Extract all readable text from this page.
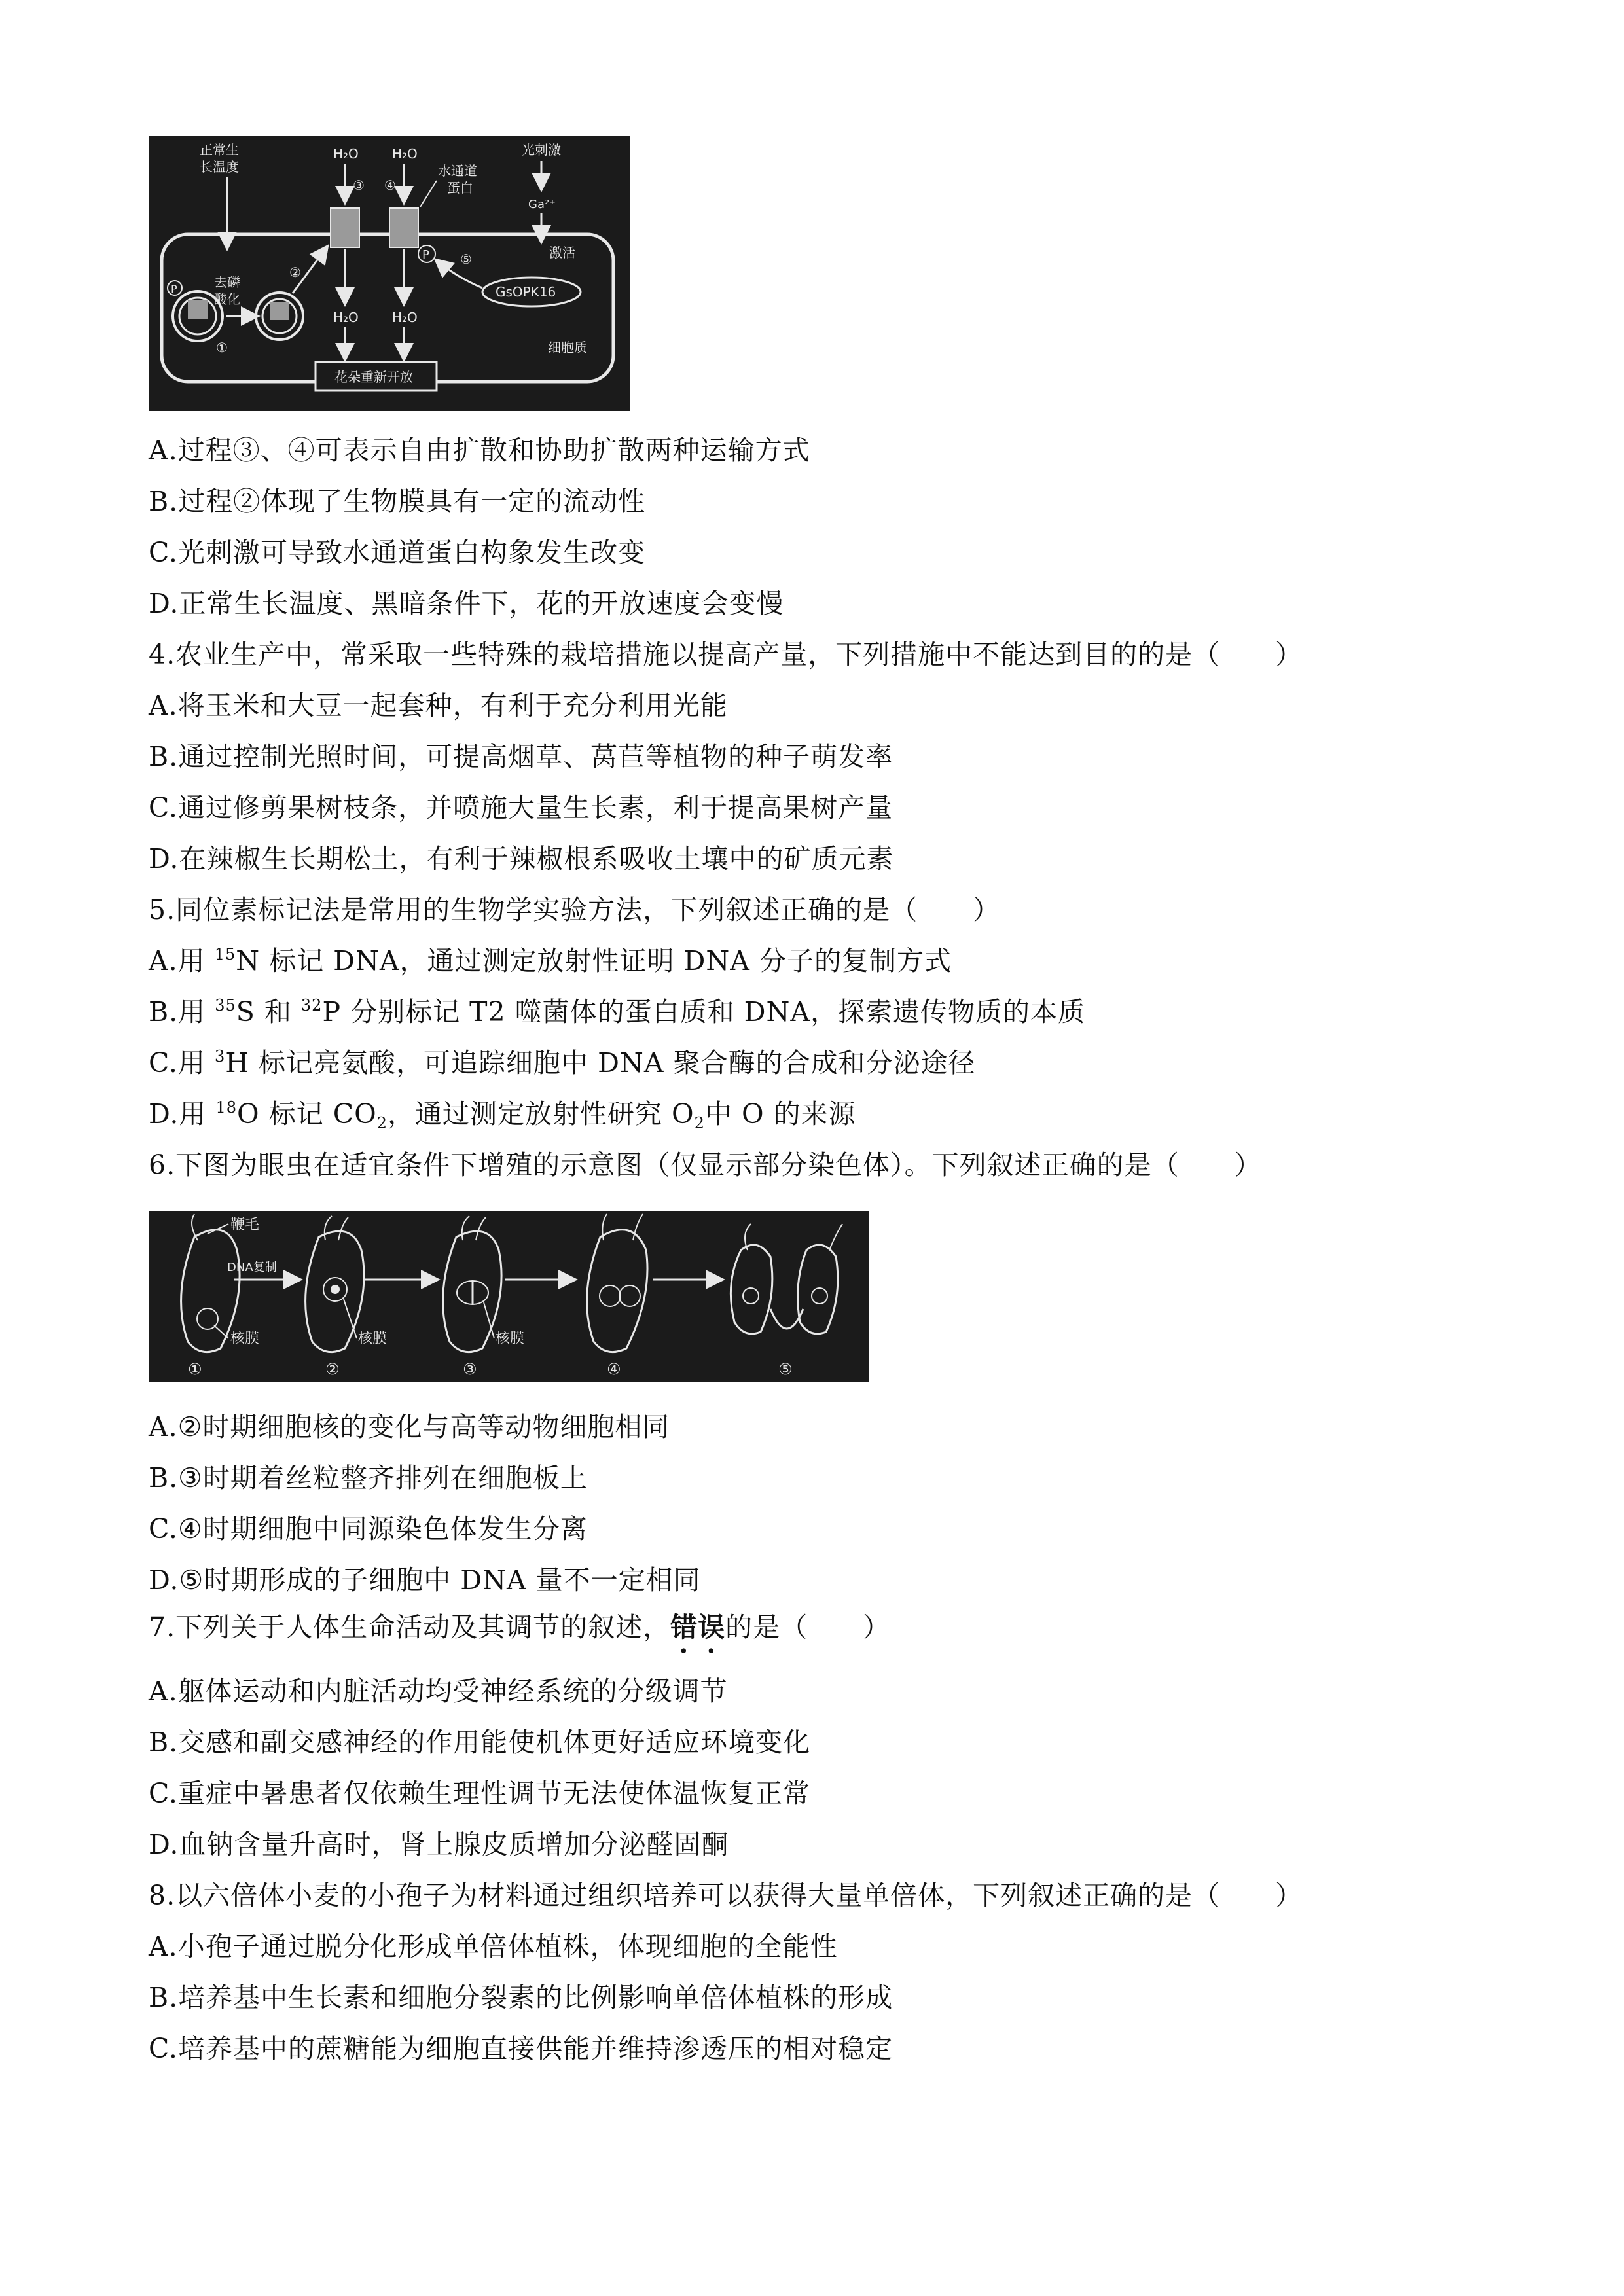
正常生
长温度
H₂O	H₂O
③ ④
水通道
蛋白
光刺激
Ga²⁺
激活
P ⑤
GsOPK16
P	去磷
酸化
①
②
H₂O	H₂O
细胞质
花朵重新开放
A.过程③、④可表示自由扩散和协助扩散两种运输方式
B.过程②体现了生物膜具有一定的流动性
C.光刺激可导致水通道蛋白构象发生改变
D.正常生长温度、黑暗条件下，花的开放速度会变慢
4.农业生产中，常采取一些特殊的栽培措施以提高产量，下列措施中不能达到目的的是（　　）
A.将玉米和大豆一起套种，有利于充分利用光能
B.通过控制光照时间，可提高烟草、莴苣等植物的种子萌发率
C.通过修剪果树枝条，并喷施大量生长素，利于提高果树产量
D.在辣椒生长期松土，有利于辣椒根系吸收土壤中的矿质元素
5.同位素标记法是常用的生物学实验方法，下列叙述正确的是（　　）
A.用 $^{15}$N 标记 DNA，通过测定放射性证明 DNA 分子的复制方式
B.用 $^{35}$S 和 $^{32}$P 分别标记 T2 噬菌体的蛋白质和 DNA，探索遗传物质的本质
C.用 $^3$H 标记亮氨酸，可追踪细胞中 DNA 聚合酶的合成和分泌途径
D.用 $^{18}$O 标记 $CO_2$，通过测定放射性研究 $O_2$中 O 的来源
6.下图为眼虫在适宜条件下增殖的示意图（仅显示部分染色体）。下列叙述正确的是（　　）
鞭毛
DNA复制
核膜
①
核膜
②
核膜
③	④	⑤
A.②时期细胞核的变化与高等动物细胞相同
B.③时期着丝粒整齐排列在细胞板上
C.④时期细胞中同源染色体发生分离
D.⑤时期形成的子细胞中 DNA 量不一定相同
7.下列关于人体生命活动及其调节的叙述，错误的是（　　）
A.躯体运动和内脏活动均受神经系统的分级调节
B.交感和副交感神经的作用能使机体更好适应环境变化
C.重症中暑患者仅依赖生理性调节无法使体温恢复正常
D.血钠含量升高时，肾上腺皮质增加分泌醛固酮
8.以六倍体小麦的小孢子为材料通过组织培养可以获得大量单倍体，下列叙述正确的是（　　）
A.小孢子通过脱分化形成单倍体植株，体现细胞的全能性
B.培养基中生长素和细胞分裂素的比例影响单倍体植株的形成
C.培养基中的蔗糖能为细胞直接供能并维持渗透压的相对稳定
